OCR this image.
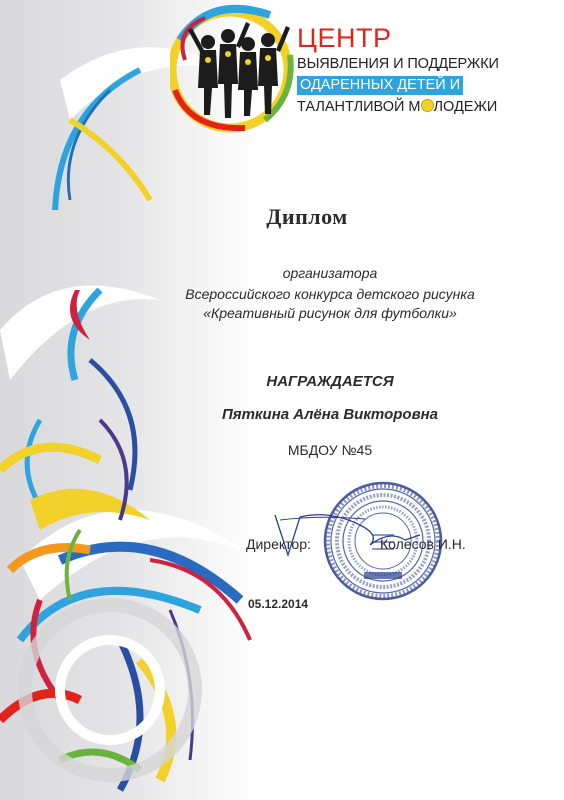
ЦЕНТР
ВЫЯВЛЕНИЯ И ПОДДЕРЖКИ
ОДАРЕННЫХ ДЕТЕЙ И
ТАЛАНТЛИВОЙ М ЛОДЕЖИ
Диплом
организатора
Всероссийского конкурса детского рисунка
«Креативный рисунок для футболки»
НАГРАЖДАЕТСЯ
Пяткина Алёна Викторовна
МБДОУ №45
Директор:	Колесов И.Н.
05.12.2014
